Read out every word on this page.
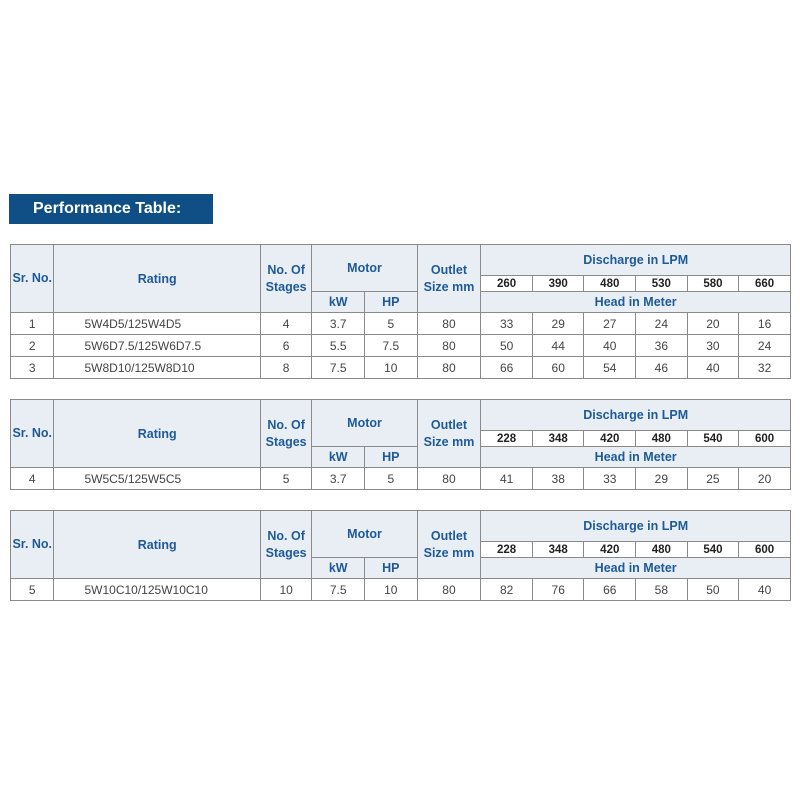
Performance Table:
Sr. No.	Rating	No. Of Stages	Motor		Outlet Size mm	Discharge in LPM					
						260	390	480	530	580	660
			kW	HP		Head in Meter					
1	5W4D5/125W4D5	4	3.7	5	80	33	29	27	24	20	16
2	5W6D7.5/125W6D7.5	6	5.5	7.5	80	50	44	40	36	30	24
3	5W8D10/125W8D10	8	7.5	10	80	66	60	54	46	40	32
Sr. No.	Rating	No. Of Stages	Motor		Outlet Size mm	Discharge in LPM					
						228	348	420	480	540	600
			kW	HP		Head in Meter					
4	5W5C5/125W5C5	5	3.7	5	80	41	38	33	29	25	20
Sr. No.	Rating	No. Of Stages	Motor		Outlet Size mm	Discharge in LPM					
						228	348	420	480	540	600
			kW	HP		Head in Meter					
5	5W10C10/125W10C10	10	7.5	10	80	82	76	66	58	50	40
